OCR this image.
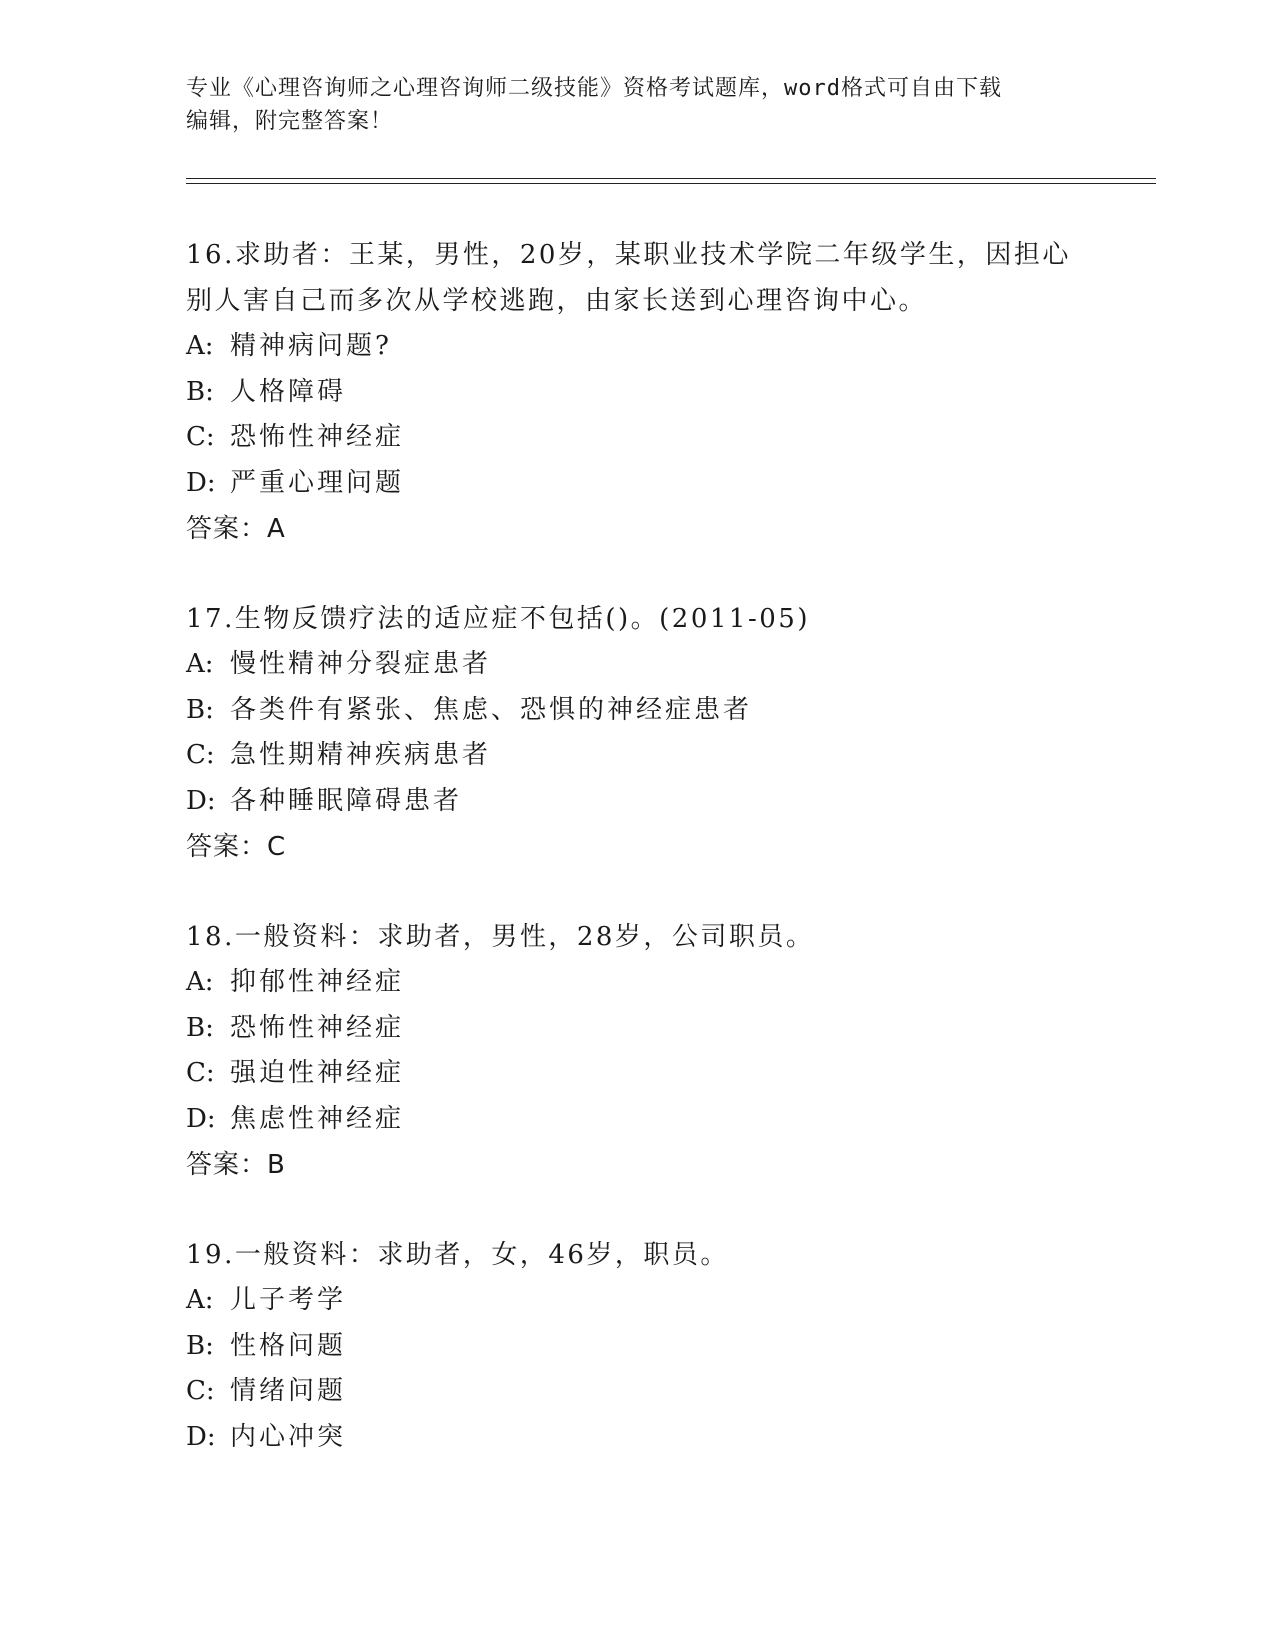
专业《心理咨询师之心理咨询师二级技能》资格考试题库，word格式可自由下载
编辑，附完整答案！
16.求助者：王某，男性，20岁，某职业技术学院二年级学生，因担心
别人害自己而多次从学校逃跑，由家长送到心理咨询中心。
A: 精神病问题?
B: 人格障碍
C: 恐怖性神经症
D: 严重心理问题
答案：A
17.生物反馈疗法的适应症不包括()。(2011-05)
A: 慢性精神分裂症患者
B: 各类件有紧张、焦虑、恐惧的神经症患者
C: 急性期精神疾病患者
D: 各种睡眠障碍患者
答案：C
18.一般资料：求助者，男性，28岁，公司职员。
A: 抑郁性神经症
B: 恐怖性神经症
C: 强迫性神经症
D: 焦虑性神经症
答案：B
19.一般资料：求助者，女，46岁，职员。
A: 儿子考学
B: 性格问题
C: 情绪问题
D: 内心冲突
